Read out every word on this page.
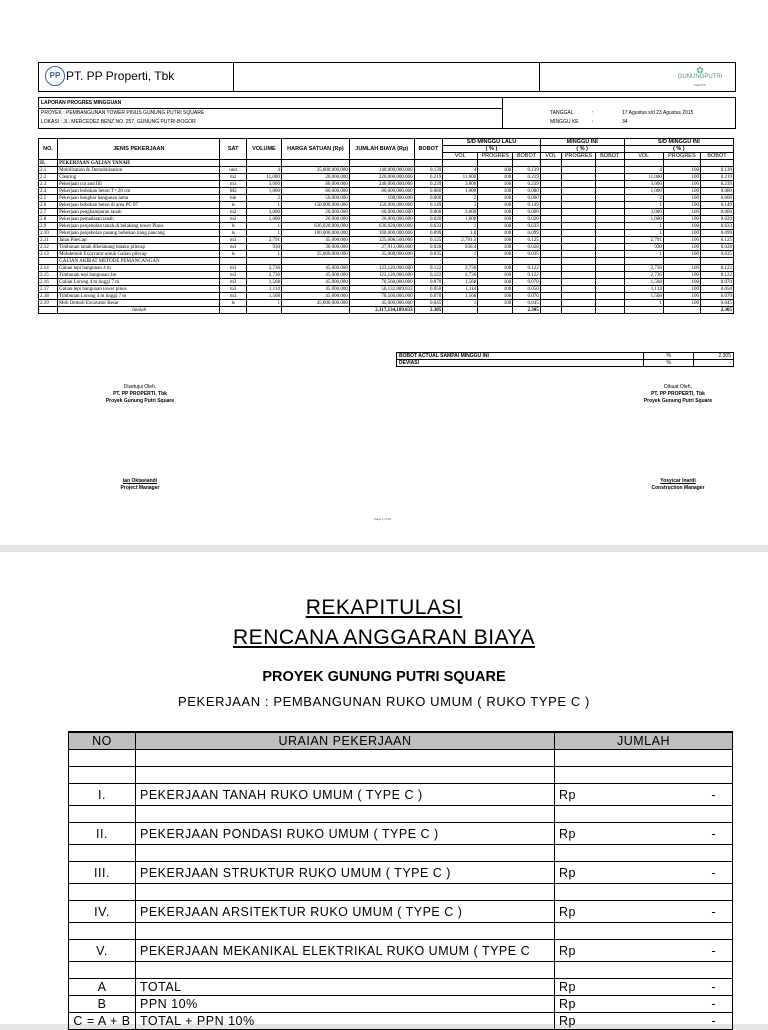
PP PT. PP Properti, Tbk	✿
GUNUNGPUTRI
square
LAPORAN PROGRES MINGGUAN
PROYEK : PEMBANGUNAN TOWER PINUS GUNUNG PUTRI SQUARE
LOKASI : JL. MERCEDEZ BENZ NO. 257, GUNUNG PUTRI-BOGOR
TANGGAL	:	17 Agustus s/d 23 Agustus 2015
MINGGU KE	:	34
NO.	JENIS PEKERJAAN	SAT	VOLUME	HARGA SATUAN (Rp)	JUMLAH BIAYA (Rp)	BOBOT	S/D MINGGU LALU			MINGGU INI			S/D MINGGU INI		
							( % )			( % )			( % )		
							VOL	PROGRES	BOBOT	VOL	PROGRES	BOBOT	VOL	PROGRES	BOBOT
II.	PEKERJAAN GALIAN TANAH														
2.1	Mobilization & Demobilisation	unit	4	35,000,000.000	140,000,000.000	0.139	4	100	0.139				4	100	0.139
2.2	Clearing	m2	11,000	20,000.000	220,000,000.000	0.219	11,000	100	0.219				11,000	100	0.219
2.3	Pekerjaan cut and fill	m3	3,000	80,000.000	240,000,000.000	0.239	3,000	100	0.239				3,000	100	0.239
2.4	Pekerjaan bobokan beton T= 20 cm	M2	1,000	80,000.000	80,000,000.000	0.080	1,000	100	0.080				1,000	100	0.080
2.5	Pekerjaan bongkar bangunan lama	bln	2	50,000.000	100,000.000	0.000	2	100	0.000				2	100	0.000
2.6	Pekerjaan bobokan beton di area PC 07	ls	1	150,000,000.000	150,000,000.000	0.149	1	100	0.149				1	100	0.149
2.7	Pekerjaan penghamparan tanah	m2	3,000	20,000.000	60,000,000.000	0.060	3,000	100	0.060				3,000	100	0.060
2.8	Pekerjaan pemadatan tanah	m2	1,000	20,000.000	20,000,000.000	0.020	1,000	100	0.020				1,000	100	0.020
2.9	Pekerjaan penjebolan tanah di belakang tower Pinus	ls	1	636,020,000.000	636,020,000.000	0.633	1	100	0.633				1	100	0.633
2.10	Pekerjaan penjebolan pasang bobokan tiang pancang	ls	1	100,000,000.000	100,000,000.000	0.099	1.0	100	0.099				1	100	0.099
2.11	Jalan PileCap	m3	2,791	45,000.000	125,608,500.000	0.125	2,791.3	100	0.125				2,791	100	0.125
2.12	Timbunan tanah dibelakang batako pilecap	m3	930	30,000.000	27,913,000.000	0.028	930.4	100	0.028				930	100	0.028
2.13	Mobdemob Excavator untuk Galian pilecap	ls	1	35,000,000.000	35,000,000.000	0.035	1	100	0.035				1	100	0.035
	GALIAN AKIBAT METODE PEMANCANGAN					-									
2.14	Galian tepi bangunan 4 m	m3	2,736	45,000.000	123,120,000.000	0.122	2,736	100	0.122				2,736	100	0.122
2.15	Timbunan tepi bangunan 4m	m3	2,736	45,000.000	123,120,000.000	0.122	2,736	100	0.122				2,736	100	0.122
2.16	Galian Lorong 4 m tinggi 7 m	m3	1,568	45,000.000	70,560,000.000	0.070	1,568	100	0.070				1,568	100	0.070
2.17	Galian tepi bangunan tower pinus	m3	1,114	45,000.000	50,132,889.033	0.050	1,114	100	0.050				1,114	100	0.050
2.18	Timbunan Lorong 4 m tinggi 7 m	m3	1,568	45,000.000	70,560,000.000	0.070	1,568	100	0.070				1,568	100	0.070
2.19	Mob Demob Excavator Besar	ls	1	45,000,000.000	45,000,000.000	0.045	1	100	0.045				1	100	0.045
	Jumlah				2,317,134,189.033	2.305			2.305						2.305
BOBOT ACTUAL SAMPAI MINGGU INI	%	2.305
DEVIASI	%	-
Disetujui Oleh,
PT. PP PROPERTI, Tbk
Proyek Gunung Putri Square
Ian Oktaviandi
Project Manager
Dibuat Oleh,
PT. PP PROPERTI, Tbk
Proyek Gunung Putri Square
Yosyicar Inardi
Construction Manager
Page 1 of 68
REKAPITULASI
RENCANA ANGGARAN BIAYA
PROYEK GUNUNG PUTRI SQUARE
PEKERJAAN : PEMBANGUNAN RUKO UMUM ( RUKO TYPE C )
NO	URAIAN PEKERJAAN	JUMLAH

I.	PEKERJAAN TANAH RUKO UMUM ( TYPE C )	Rp -

II.	PEKERJAAN PONDASI RUKO UMUM ( TYPE C )	Rp -

III.	PEKERJAAN STRUKTUR RUKO UMUM ( TYPE C )	Rp -

IV.	PEKERJAAN ARSITEKTUR RUKO UMUM ( TYPE C )	Rp -

V.	PEKERJAAN MEKANIKAL ELEKTRIKAL RUKO UMUM ( TYPE C	Rp -

A	TOTAL	Rp -

B	PPN 10%	Rp -

C = A + B	TOTAL + PPN 10%	Rp -
